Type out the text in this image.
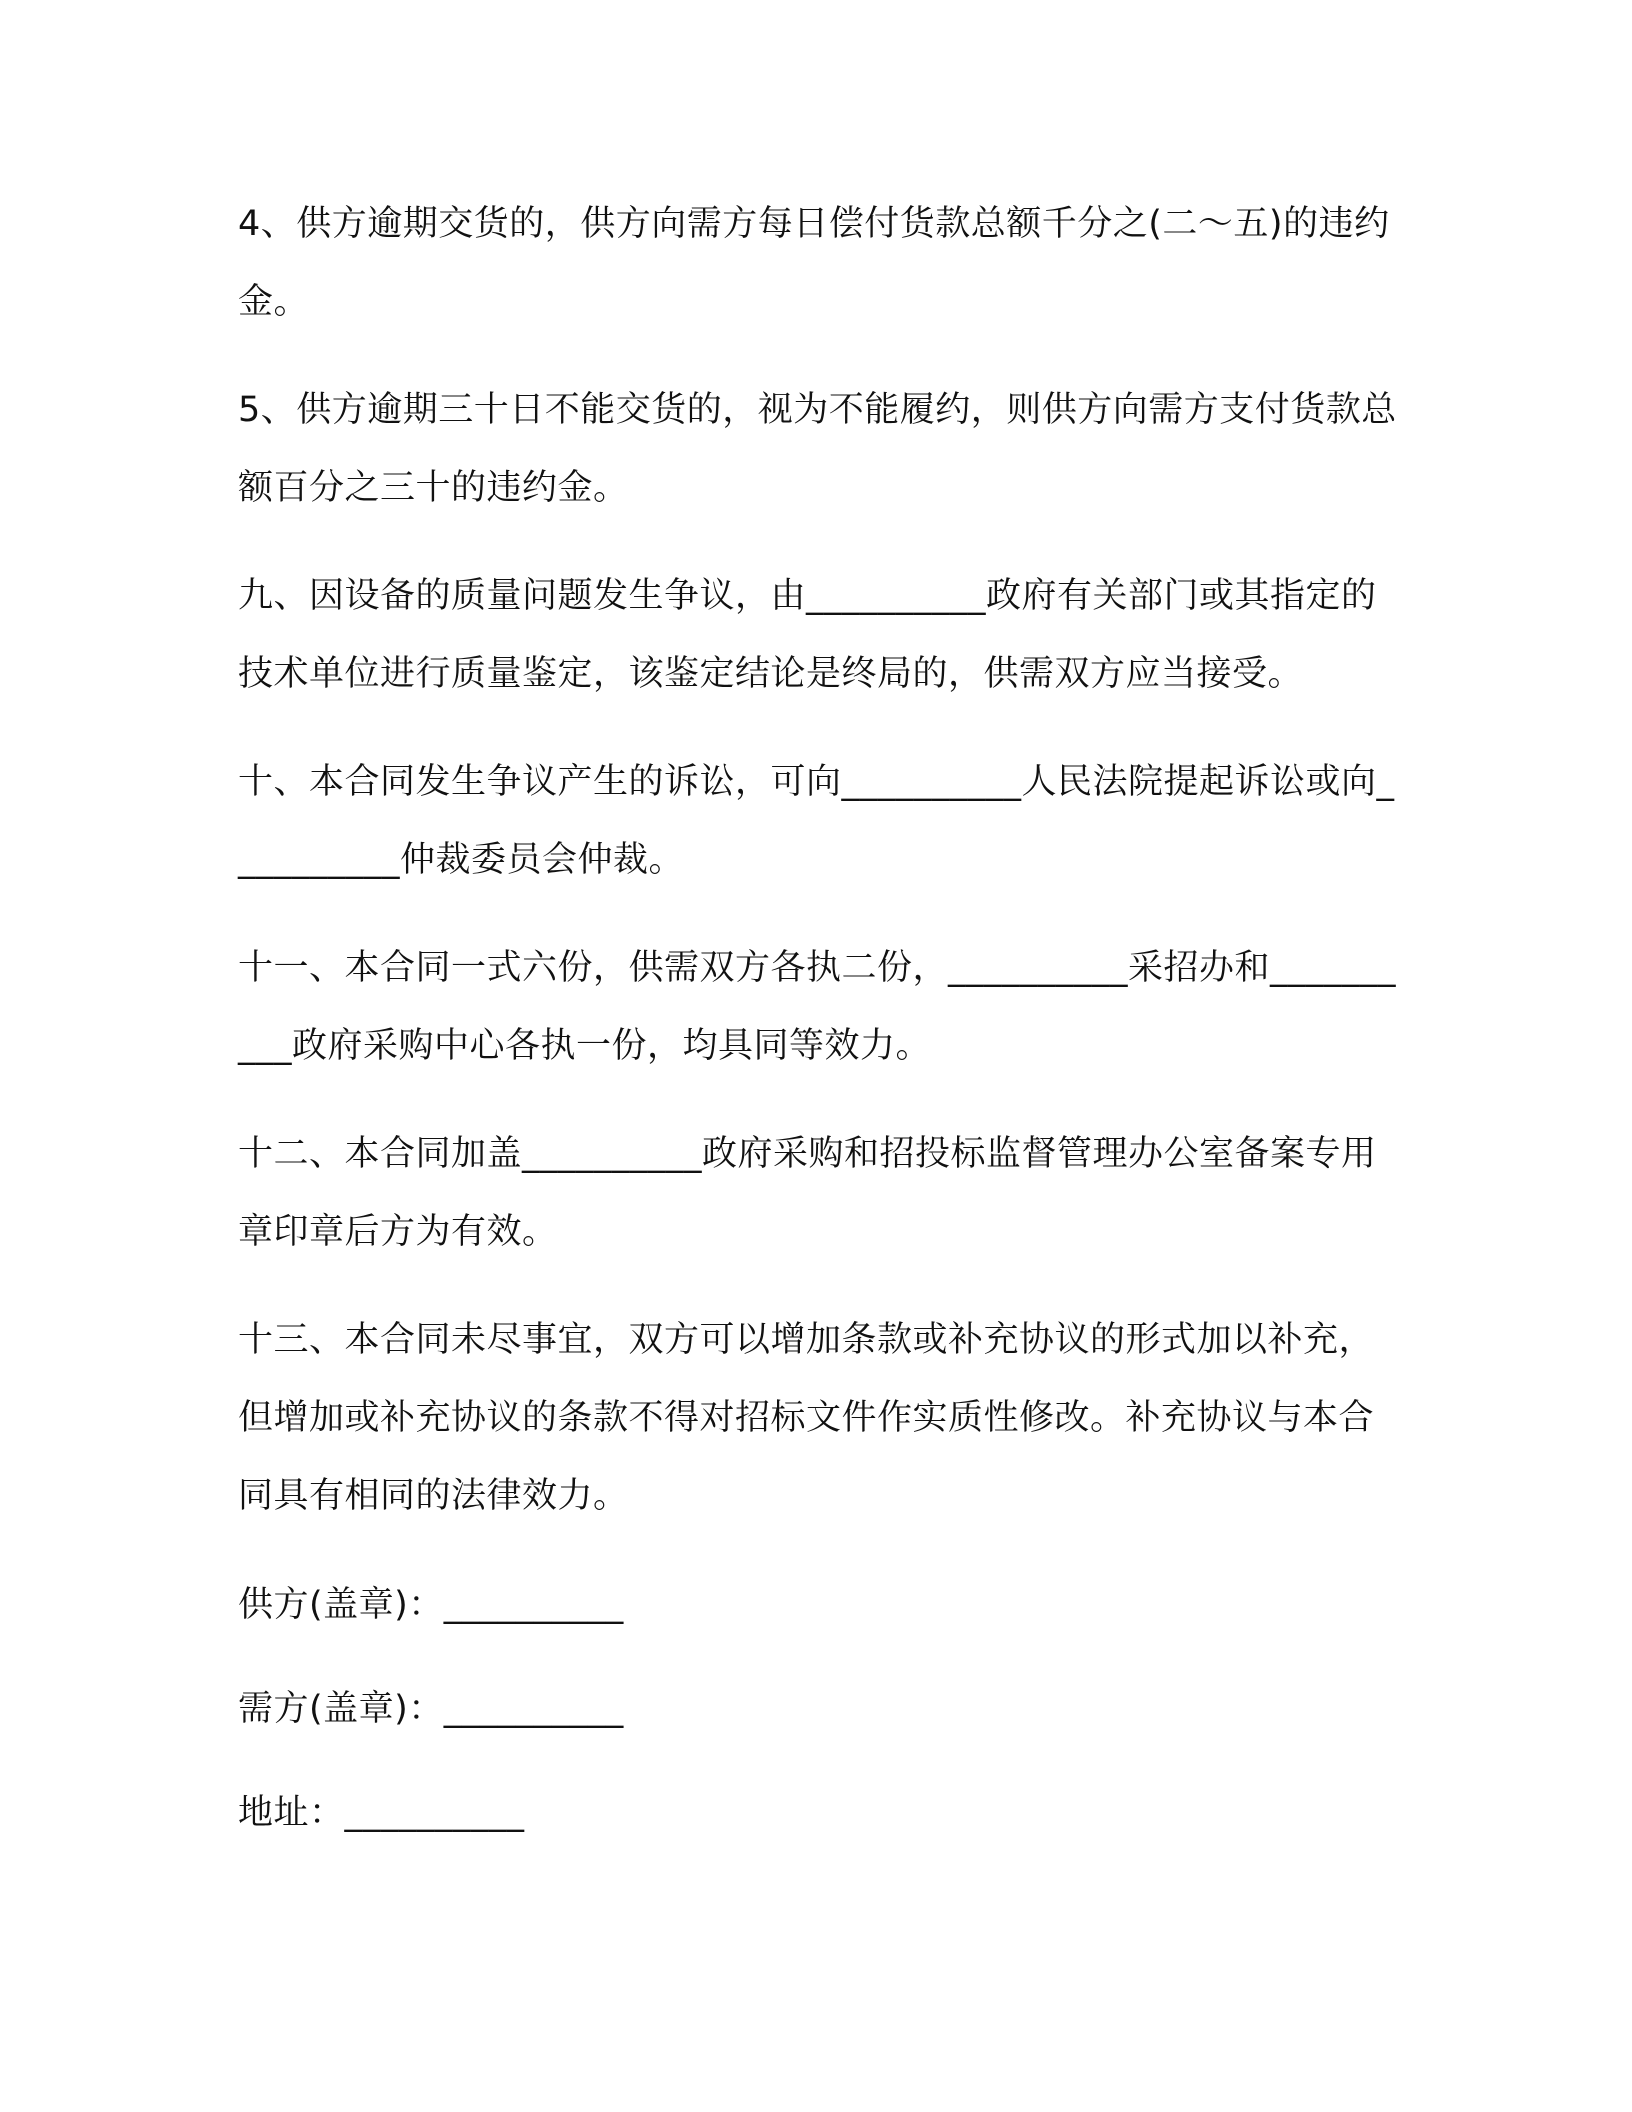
4、供方逾期交货的，供方向需方每日偿付货款总额千分之(二～五)的违约金。

5、供方逾期三十日不能交货的，视为不能履约，则供方向需方支付货款总额百分之三十的违约金。

九、因设备的质量问题发生争议，由__________政府有关部门或其指定的技术单位进行质量鉴定，该鉴定结论是终局的，供需双方应当接受。

十、本合同发生争议产生的诉讼，可向__________人民法院提起诉讼或向__________仲裁委员会仲裁。

十一、本合同一式六份，供需双方各执二份，__________采招办和__________政府采购中心各执一份，均具同等效力。

十二、本合同加盖__________政府采购和招投标监督管理办公室备案专用章印章后方为有效。

十三、本合同未尽事宜，双方可以增加条款或补充协议的形式加以补充，但增加或补充协议的条款不得对招标文件作实质性修改。补充协议与本合同具有相同的法律效力。

供方(盖章)：__________

需方(盖章)：__________

地址：__________
